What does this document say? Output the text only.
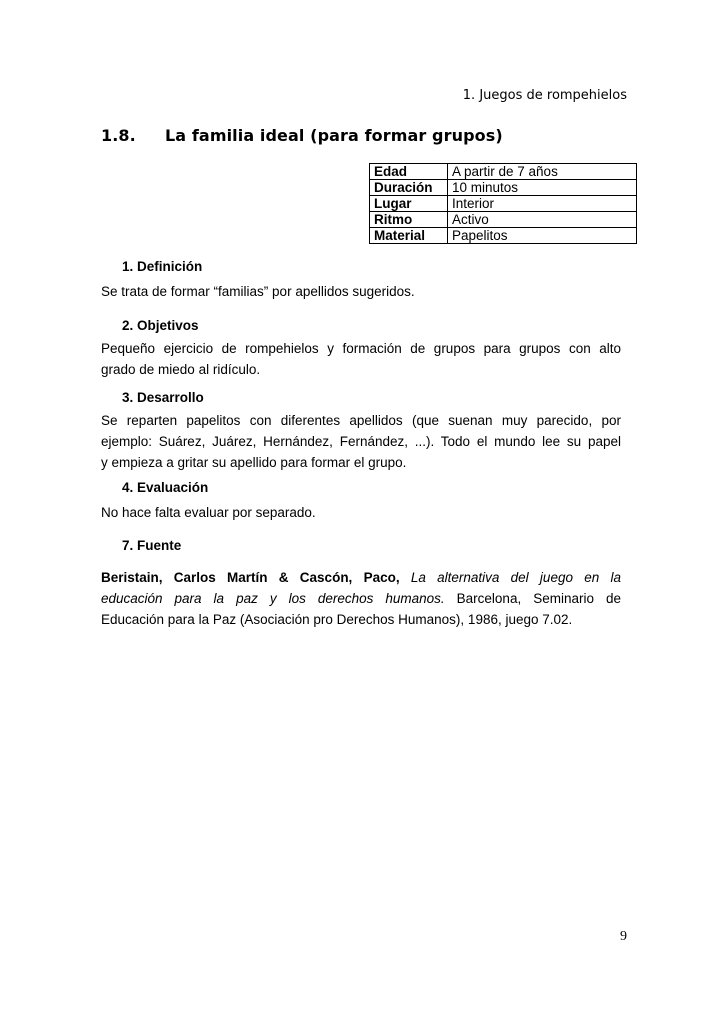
1. Juegos de rompehielos
1.8. La familia ideal (para formar grupos)
Edad	A partir de 7 años
Duración	10 minutos
Lugar	Interior
Ritmo	Activo
Material	Papelitos
1. Definición
Se trata de formar “familias” por apellidos sugeridos.
2. Objetivos
Pequeño ejercicio de rompehielos y formación de grupos para grupos con alto
grado de miedo al ridículo.
3. Desarrollo
Se reparten papelitos con diferentes apellidos (que suenan muy parecido, por
ejemplo: Suárez, Juárez, Hernández, Fernández, ...). Todo el mundo lee su papel
y empieza a gritar su apellido para formar el grupo.
4. Evaluación
No hace falta evaluar por separado.
7. Fuente
Beristain, Carlos Martín & Cascón, Paco, La alternativa del juego en la
educación para la paz y los derechos humanos. Barcelona, Seminario de
Educación para la Paz (Asociación pro Derechos Humanos), 1986, juego 7.02.
9
